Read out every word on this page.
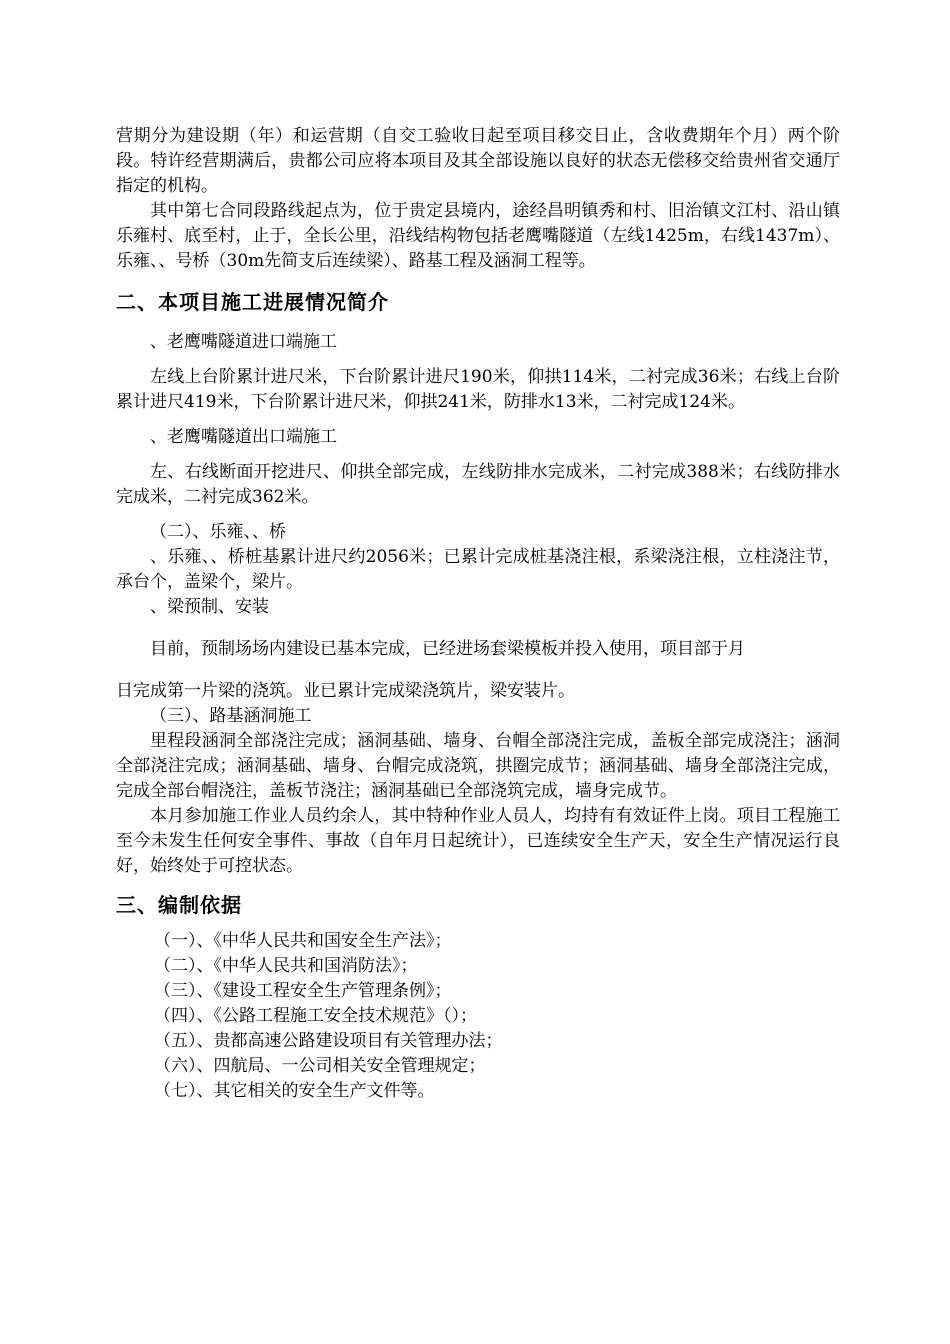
营期分为建设期（年）和运营期（自交工验收日起至项目移交日止，含收费期年个月）两个阶段。特许经营期满后，贵都公司应将本项目及其全部设施以良好的状态无偿移交给贵州省交通厅指定的机构。

其中第七合同段路线起点为，位于贵定县境内，途经昌明镇秀和村、旧治镇文江村、沿山镇乐雍村、底至村，止于，全长公里，沿线结构物包括老鹰嘴隧道（左线1425m，右线1437m）、乐雍、、号桥（30m先简支后连续梁）、路基工程及涵洞工程等。

二、本项目施工进展情况简介

、老鹰嘴隧道进口端施工

左线上台阶累计进尺米，下台阶累计进尺190米，仰拱114米，二衬完成36米；右线上台阶累计进尺419米，下台阶累计进尺米，仰拱241米，防排水13米，二衬完成124米。

、老鹰嘴隧道出口端施工

左、右线断面开挖进尺、仰拱全部完成，左线防排水完成米，二衬完成388米；右线防排水完成米，二衬完成362米。

（二）、乐雍、、桥

、乐雍、、桥桩基累计进尺约2056米；已累计完成桩基浇注根，系梁浇注根，立柱浇注节，承台个，盖梁个，梁片。

、梁预制、安装

目前，预制场场内建设已基本完成，已经进场套梁模板并投入使用，项目部于月

日完成第一片梁的浇筑。业已累计完成梁浇筑片，梁安装片。

（三）、路基涵洞施工

里程段涵洞全部浇注完成；涵洞基础、墙身、台帽全部浇注完成，盖板全部完成浇注；涵洞全部浇注完成；涵洞基础、墙身、台帽完成浇筑，拱圈完成节；涵洞基础、墙身全部浇注完成，完成全部台帽浇注，盖板节浇注；涵洞基础已全部浇筑完成，墙身完成节。

本月参加施工作业人员约余人，其中特种作业人员人，均持有有效证件上岗。项目工程施工至今未发生任何安全事件、事故（自年月日起统计），已连续安全生产天，安全生产情况运行良好，始终处于可控状态。

三、编制依据

（一）、《中华人民共和国安全生产法》；

（二）、《中华人民共和国消防法》；

（三）、《建设工程安全生产管理条例》；

（四）、《公路工程施工安全技术规范》（）；

（五）、贵都高速公路建设项目有关管理办法；

（六）、四航局、一公司相关安全管理规定；

（七）、其它相关的安全生产文件等。
